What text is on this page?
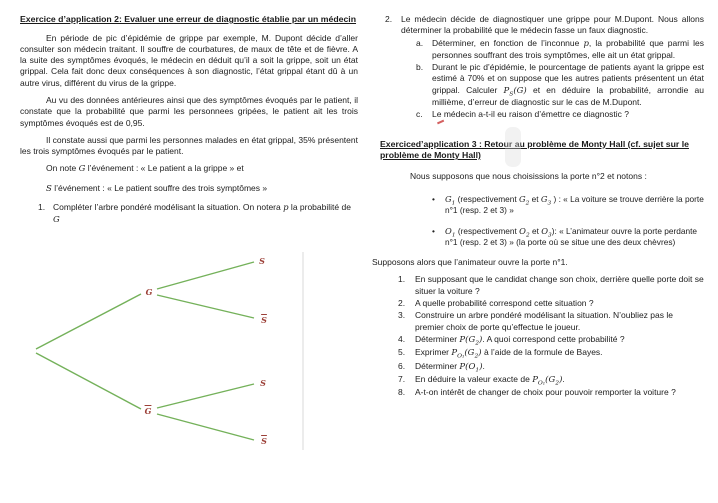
Exercice d’application 2: Evaluer une erreur de diagnostic établie par un médecin

En période de pic d’épidémie de grippe par exemple, M. Dupont décide d’aller consulter son médecin traitant. Il souffre de courbatures, de maux de tête et de fièvre. A la suite des symptômes évoqués, le médecin en déduit qu’il a soit la grippe, soit un état grippal. Cela fait donc deux conséquences à son diagnostic, l’état grippal étant dû à un autre virus, différent du virus de la grippe.

Au vu des données antérieures ainsi que des symptômes évoqués par le patient, il constate que la probabilité que parmi les personnees gripées, le patient ait les trois symptômes évoqués est de 0,95.

Il constate aussi que parmi les personnes malades en état grippal, 35% présentent les trois symptômes évoqués par le patient.

On note G l’événement : « Le patient a la grippe » et
S l’événement : « Le patient souffre des trois symptômes »
1. Compléter l’arbre pondéré modélisant la situation. On notera p la probabilité de G
G
$\overline{G}$
S
$\overline{S}$
S
$\overline{S}$
2.	Le médecin décide de diagnostiquer une grippe pour M.Dupont. Nous allons déterminer la probabilité que le médecin fasse un faux diagnostic.
a.	Déterminer, en fonction de l’inconnue p, la probabilité que parmi les personnes souffrant des trois symptômes, elle ait un état grippal.
b.	Durant le pic d’épidémie, le pourcentage de patients ayant la grippe est estimé à 70% et on suppose que les autres patients présentent un état grippal. Calculer $P_S(G)$ et en déduire la probabilité, arrondie au millième, d’erreur de diagnostic sur le cas de M.Dupont.
c.	Le médecin a-t-il eu raison d’émettre ce diagnostic ?
Exerciced’application 3 : Retour au problème de Monty Hall (cf. sujet sur le problème de Monty Hall)
Nous supposons que nous choisissions la porte n°2 et notons :
•	$G_1$ (respectivement $G_2$ et $G_3$ ) : « La voiture se trouve derrière la porte n°1 (resp. 2 et 3) »
•	$O_1$ (respectivement $O_2$ et $O_3$): « L’animateur ouvre la porte perdante n°1 (resp. 2 et 3) » (la porte où se situe une des deux chèvres)
Supposons alors que l’animateur ouvre la porte n°1.
1.	En supposant que le candidat change son choix, derrière quelle porte doit se situer la voiture ?
2.	A quelle probabilité correspond cette situation ?
3.	Construire un arbre pondéré modélisant la situation. N’oubliez pas le premier choix de porte qu’effectue le joueur.
4.	Déterminer $P(G_2)$. A quoi correspond cette probabilité ?
5.	Exprimer $P_{O_1}(G_2)$ à l’aide de la formule de Bayes.
6.	Déterminer $P(O_1)$.
7.	En déduire la valeur exacte de $P_{O_1}(G_2)$.
8.	A-t-on intérêt de changer de choix pour pouvoir remporter la voiture ?
